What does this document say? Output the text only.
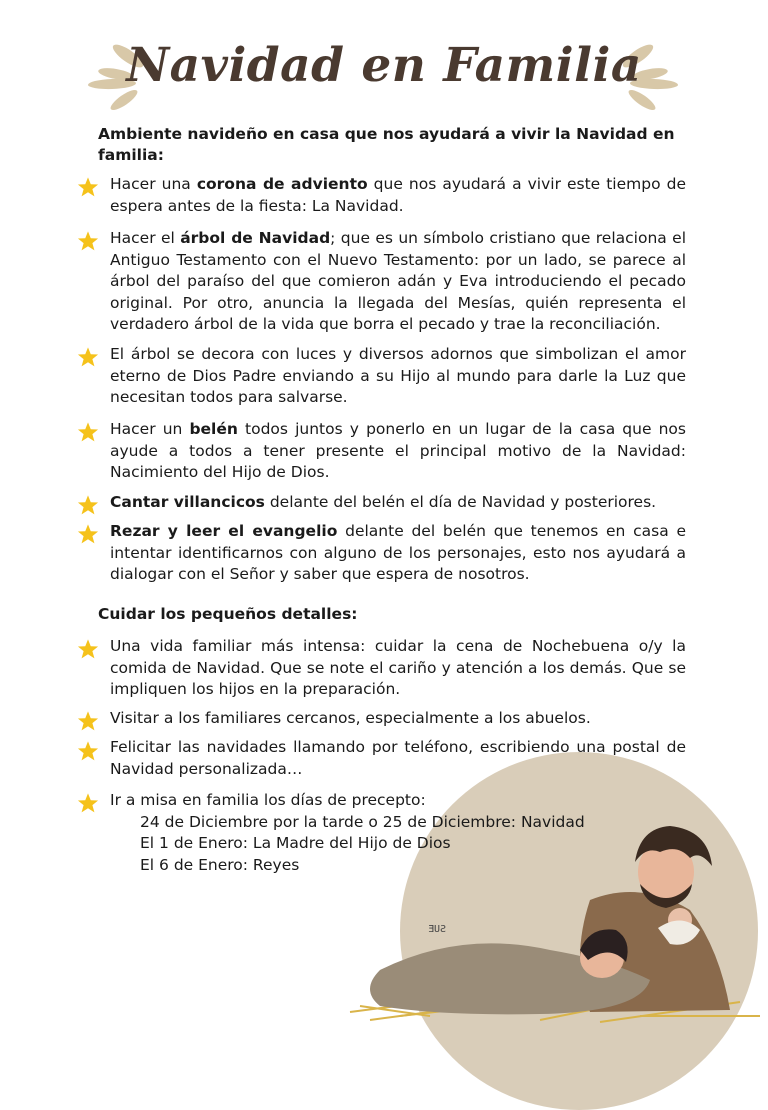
Navidad en Familia
Ambiente navideño en casa que nos ayudará a vivir la Navidad en familia:
Hacer una corona de adviento que nos ayudará a vivir este tiempo de espera antes de la fiesta: La Navidad.
Hacer el árbol de Navidad; que es un símbolo cristiano que relaciona el Antiguo Testamento con el Nuevo Testamento: por un lado, se parece al árbol del paraíso del que comieron adán y Eva introduciendo el pecado original. Por otro, anuncia la llegada del Mesías, quién representa el verdadero árbol de la vida que borra el pecado y trae la reconciliación.
El árbol se decora con luces y diversos adornos que simbolizan el amor eterno de Dios Padre enviando a su Hijo al mundo para darle la Luz que necesitan todos para salvarse.
Hacer un belén todos juntos y ponerlo en un lugar de la casa que nos ayude a todos a tener presente el principal motivo de la Navidad: Nacimiento del Hijo de Dios.
Cantar villancicos delante del belén el día de Navidad y posteriores.
Rezar y leer el evangelio delante del belén que tenemos en casa e intentar identificarnos con alguno de los personajes, esto nos ayudará a dialogar con el Señor y saber que espera de nosotros.
Cuidar los pequeños detalles:
ƎUƧ
Una vida familiar más intensa: cuidar la cena de Nochebuena o/y la comida de Navidad. Que se note el cariño y atención a los demás. Que se impliquen los hijos en la preparación.
Visitar a los familiares cercanos, especialmente a los abuelos.
Felicitar las navidades llamando por teléfono, escribiendo una postal de Navidad personalizada…
Ir a misa en familia los días de precepto:
24 de Diciembre por la tarde o 25 de Diciembre: Navidad
El 1 de Enero: La Madre del Hijo de Dios
El 6 de Enero: Reyes
